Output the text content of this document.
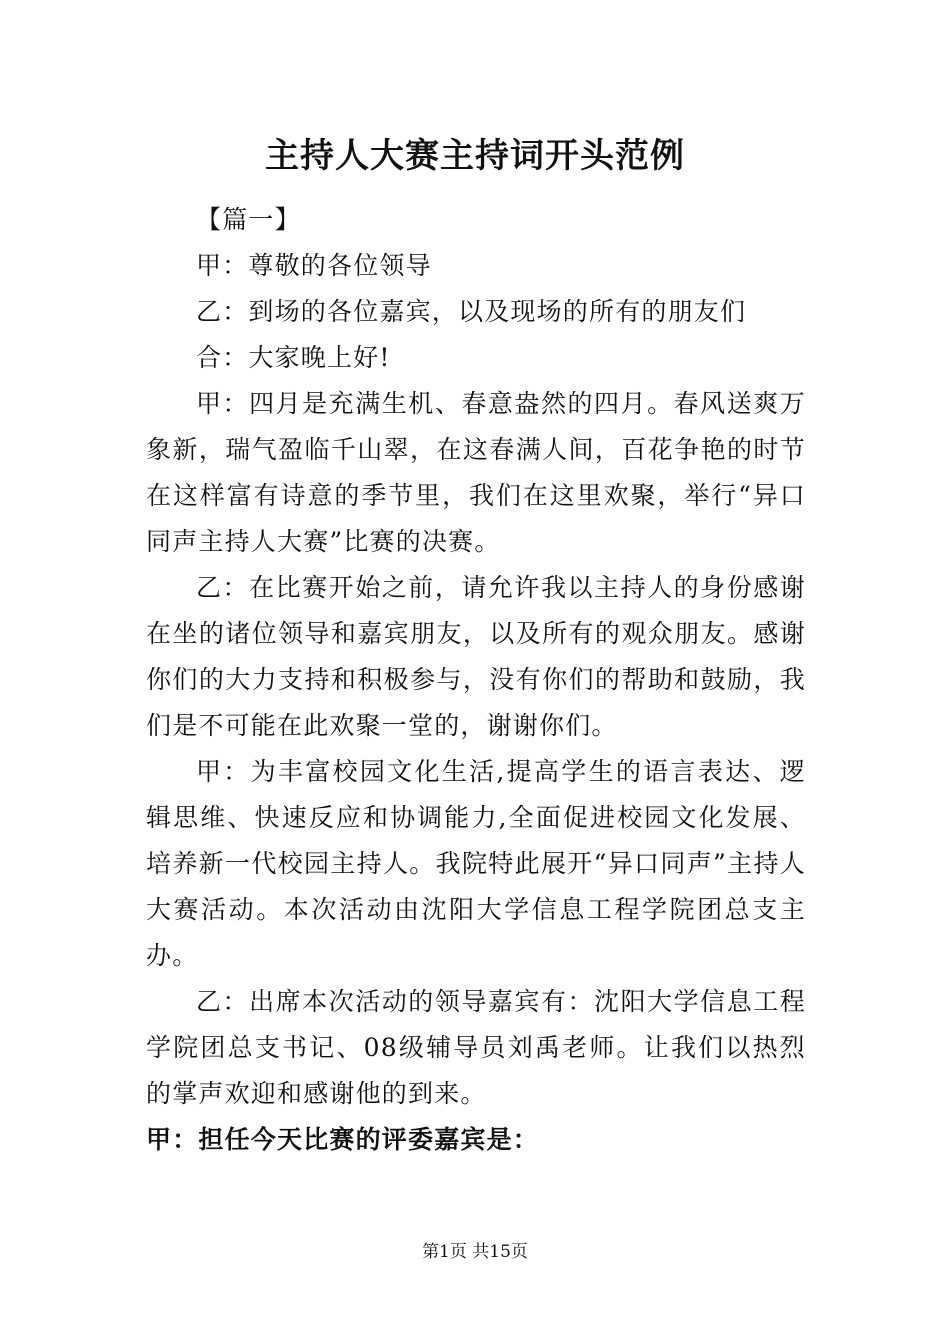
主持人大赛主持词开头范例

【篇一】

甲：尊敬的各位领导

乙：到场的各位嘉宾，以及现场的所有的朋友们

合：大家晚上好!

甲：四月是充满生机、春意盎然的四月。春风送爽万象新，瑞气盈临千山翠，在这春满人间，百花争艳的时节在这样富有诗意的季节里，我们在这里欢聚，举行“异口同声主持人大赛”比赛的决赛。

乙：在比赛开始之前，请允许我以主持人的身份感谢在坐的诸位领导和嘉宾朋友，以及所有的观众朋友。感谢你们的大力支持和积极参与，没有你们的帮助和鼓励，我们是不可能在此欢聚一堂的，谢谢你们。

甲：为丰富校园文化生活,提高学生的语言表达、逻辑思维、快速反应和协调能力,全面促进校园文化发展、培养新一代校园主持人。我院特此展开“异口同声”主持人大赛活动。本次活动由沈阳大学信息工程学院团总支主办。

乙：出席本次活动的领导嘉宾有：沈阳大学信息工程学院团总支书记、08级辅导员刘禹老师。让我们以热烈的掌声欢迎和感谢他的到来。

甲：担任今天比赛的评委嘉宾是：

第1页 共15页
